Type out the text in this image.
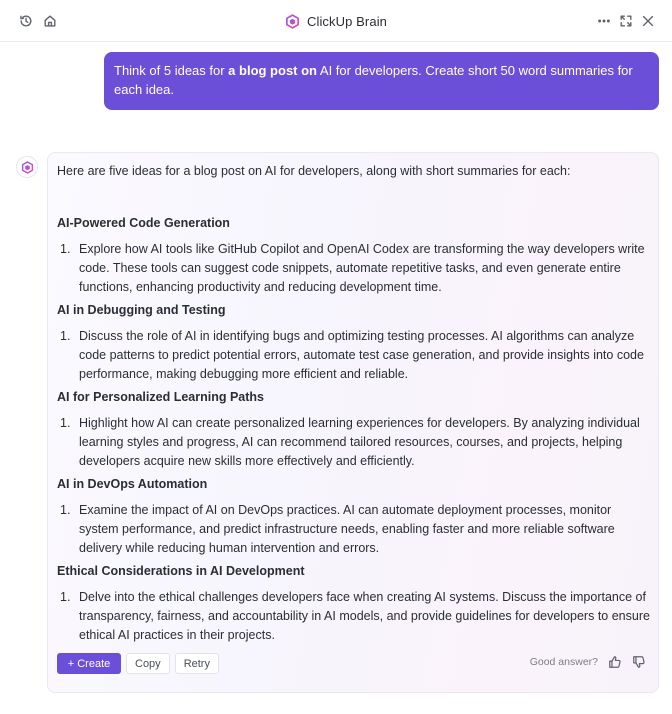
ClickUp Brain
Think of 5 ideas for a blog post on AI for developers. Create short 50 word summaries for each idea.

Here are five ideas for a blog post on AI for developers, along with short summaries for each:

AI-Powered Code Generation
1. Explore how AI tools like GitHub Copilot and OpenAI Codex are transforming the way developers write code. These tools can suggest code snippets, automate repetitive tasks, and even generate entire functions, enhancing productivity and reducing development time.
AI in Debugging and Testing
1. Discuss the role of AI in identifying bugs and optimizing testing processes. AI algorithms can analyze code patterns to predict potential errors, automate test case generation, and provide insights into code performance, making debugging more efficient and reliable.
AI for Personalized Learning Paths
1. Highlight how AI can create personalized learning experiences for developers. By analyzing individual learning styles and progress, AI can recommend tailored resources, courses, and projects, helping developers acquire new skills more effectively and efficiently.
AI in DevOps Automation
1. Examine the impact of AI on DevOps practices. AI can automate deployment processes, monitor system performance, and predict infrastructure needs, enabling faster and more reliable software delivery while reducing human intervention and errors.
Ethical Considerations in AI Development
1. Delve into the ethical challenges developers face when creating AI systems. Discuss the importance of transparency, fairness, and accountability in AI models, and provide guidelines for developers to ensure ethical AI practices in their projects.
+ Create	Copy	Retry	Good answer?
